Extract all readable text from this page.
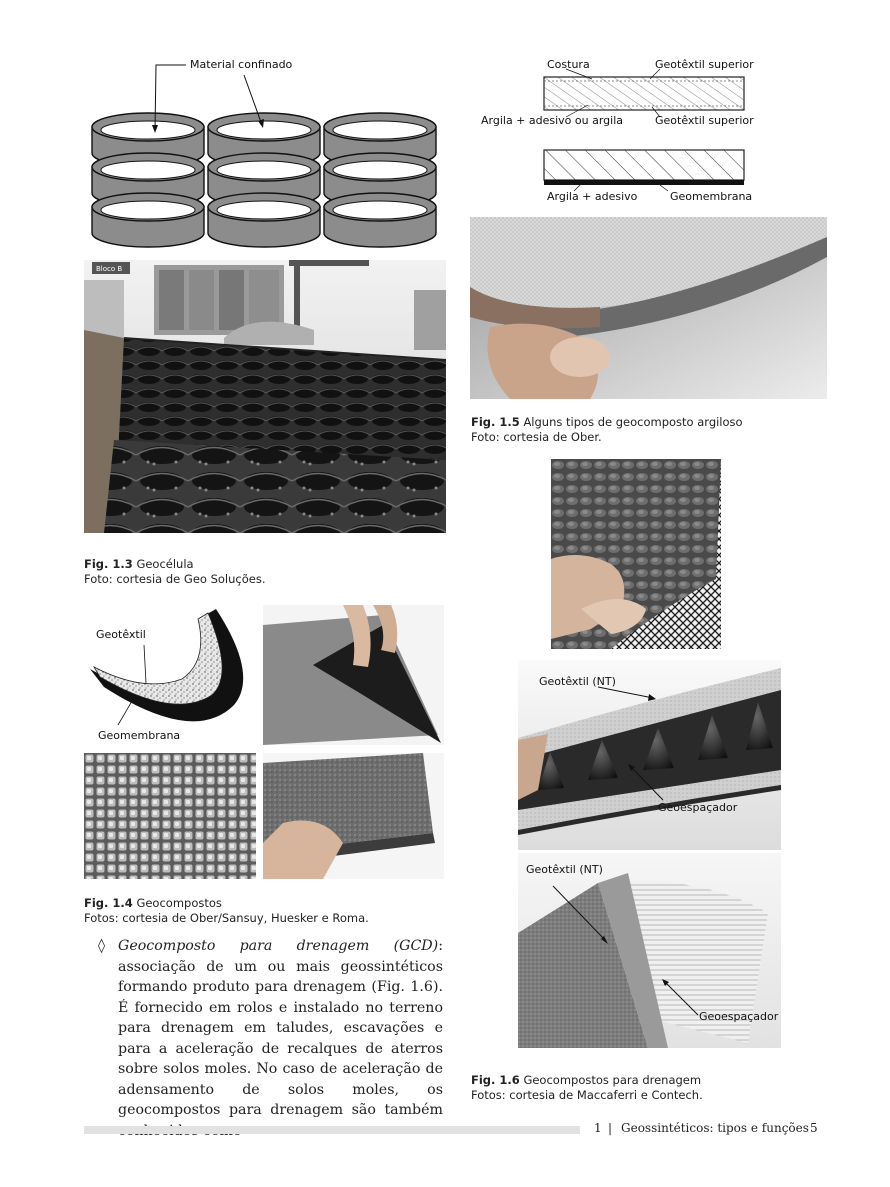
Material confinado
Bloco B
Fig. 1.3 Geocélula
Foto: cortesia de Geo Soluções.
Geotêxtil
Geomembrana
Fig. 1.4 Geocompostos
Fotos: cortesia de Ober/Sansuy, Huesker e Roma.
◊ Geocomposto para drenagem (GCD): associação de um ou mais geossintéticos formando produto para drenagem (Fig. 1.6). É fornecido em rolos e instalado no terreno para drenagem em taludes, escavações e para a aceleração de recalques de aterros sobre solos moles. No caso de aceleração de adensamento de solos moles, os geocompostos para drenagem são também
Costura	Geotêxtil superior
Argila + adesivo ou argila	Geotêxtil superior
Argila + adesivo	Geomembrana
Fig. 1.5 Alguns tipos de geocomposto argiloso
Foto: cortesia de Ober.
Geotêxtil (NT)
Geoespaçador
Geotêxtil (NT)
Geoespaçador
Fig. 1.6 Geocompostos para drenagem
Fotos: cortesia de Maccaferri e Contech.
1 | Geossintéticos: tipos e funções 5
